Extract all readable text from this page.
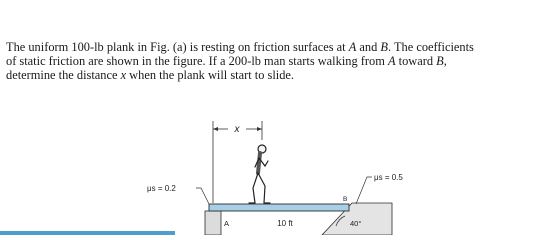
The uniform 100-lb plank in Fig. (a) is resting on friction surfaces at A and B. The coefficients of static friction are shown in the figure. If a 200-lb man starts walking from A toward B, determine the distance x when the plank will start to slide.

x
μs = 0.2
μs = 0.5
A
B
10 ft	40°
